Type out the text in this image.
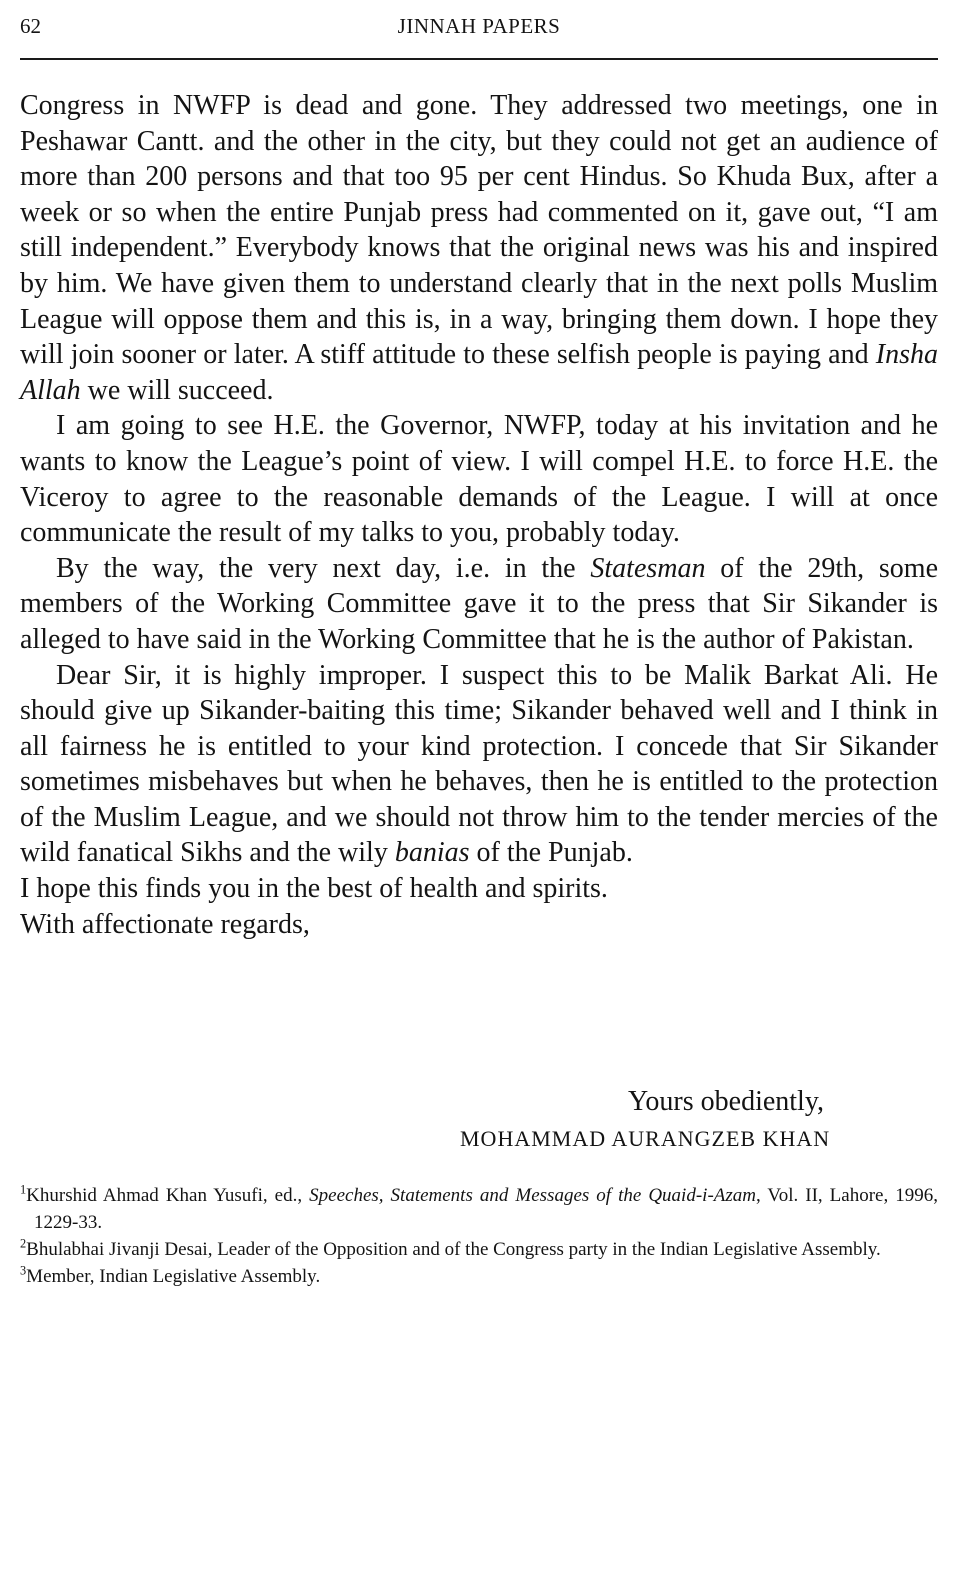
62	JINNAH PAPERS

Congress in NWFP is dead and gone. They addressed two meetings, one in Peshawar Cantt. and the other in the city, but they could not get an audience of more than 200 persons and that too 95 per cent Hindus. So Khuda Bux, after a week or so when the entire Punjab press had commented on it, gave out, “I am still independent.” Everybody knows that the original news was his and inspired by him. We have given them to understand clearly that in the next polls Muslim League will oppose them and this is, in a way, bringing them down. I hope they will join sooner or later. A stiff attitude to these selfish people is paying and Insha Allah we will succeed.

I am going to see H.E. the Governor, NWFP, today at his invitation and he wants to know the League’s point of view. I will compel H.E. to force H.E. the Viceroy to agree to the reasonable demands of the League. I will at once communicate the result of my talks to you, probably today.

By the way, the very next day, i.e. in the Statesman of the 29th, some members of the Working Committee gave it to the press that Sir Sikander is alleged to have said in the Working Committee that he is the author of Pakistan.

Dear Sir, it is highly improper. I suspect this to be Malik Barkat Ali. He should give up Sikander-baiting this time; Sikander behaved well and I think in all fairness he is entitled to your kind protection. I concede that Sir Sikander sometimes misbehaves but when he behaves, then he is entitled to the protection of the Muslim League, and we should not throw him to the tender mercies of the wild fanatical Sikhs and the wily banias of the Punjab.

I hope this finds you in the best of health and spirits.

With affectionate regards,

Yours obediently,
MOHAMMAD AURANGZEB KHAN

$^1$Khurshid Ahmad Khan Yusufi, ed., Speeches, Statements and Messages of the Quaid-i-Azam, Vol. II, Lahore, 1996, 1229-33.

$^2$Bhulabhai Jivanji Desai, Leader of the Opposition and of the Congress party in the Indian Legislative Assembly.

$^3$Member, Indian Legislative Assembly.
